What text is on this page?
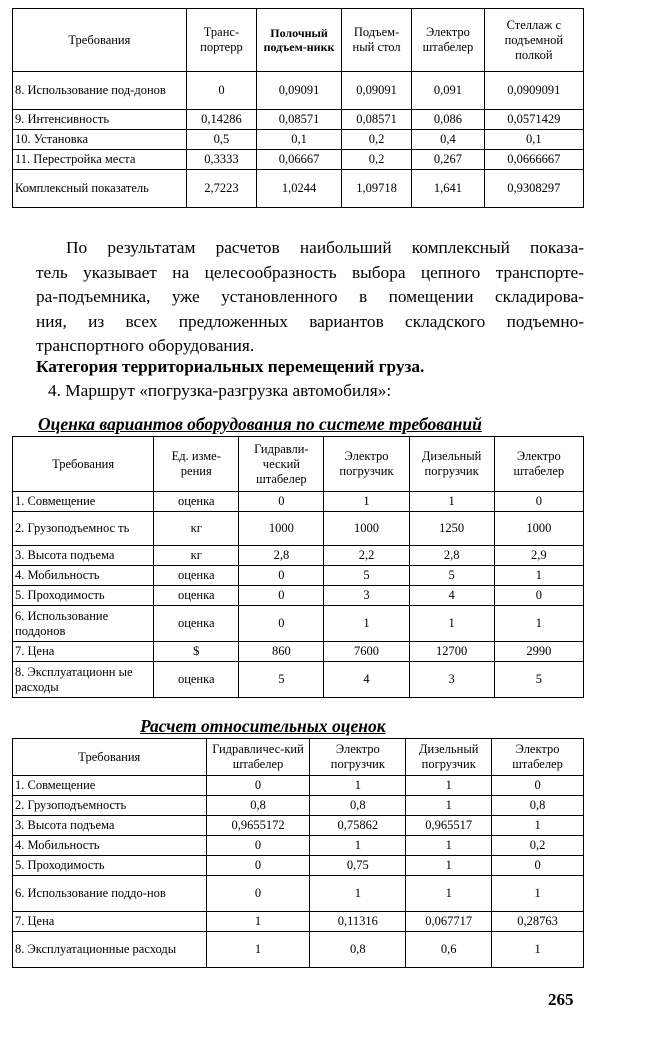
Требования	Транс-портерр	Полочный подъем-никк	Подъем-ный стол	Электро штабелер	Стеллаж с подъемной полкой
8. Использование под-донов	0	0,09091	0,09091	0,091	0,0909091
9. Интенсивность	0,14286	0,08571	0,08571	0,086	0,0571429
10. Установка	0,5	0,1	0,2	0,4	0,1
11. Перестройка места	0,3333	0,06667	0,2	0,267	0,0666667
Комплексный показатель	2,7223	1,0244	1,09718	1,641	0,9308297
По результатам расчетов наибольший комплексный показа-
тель указывает на целесообразность выбора цепного транспорте-
ра-подъемника, уже установленного в помещении складирова-
ния, из всех предложенных вариантов складского подъемно-
транспортного оборудования.
Категория территориальных перемещений груза.
4. Маршрут «погрузка-разгрузка автомобиля»:
Оценка вариантов оборудования по системе требований
Требования	Ед. изме-рения	Гидравли-ческий штабелер	Электро погрузчик	Дизельный погрузчик	Электро штабелер
1. Совмещение	оценка	0	1	1	0
2. Грузоподъемнос ть	кг	1000	1000	1250	1000
3. Высота подъема	кг	2,8	2,2	2,8	2,9
4. Мобильность	оценка	0	5	5	1
5. Проходимость	оценка	0	3	4	0
6. Использование поддонов	оценка	0	1	1	1
7. Цена	$	860	7600	12700	2990
8. Эксплуатационн ые расходы	оценка	5	4	3	5
Расчет относительных оценок
Требования	Гидравличес-кий штабелер	Электро погрузчик	Дизельный погрузчик	Электро штабелер
1. Совмещение	0	1	1	0
2. Грузоподъемность	0,8	0,8	1	0,8
3. Высота подъема	0,9655172	0,75862	0,965517	1
4. Мобильность	0	1	1	0,2
5. Проходимость	0	0,75	1	0
6. Использование поддо-нов	0	1	1	1
7. Цена	1	0,11316	0,067717	0,28763
8. Эксплуатационные расходы	1	0,8	0,6	1
265
